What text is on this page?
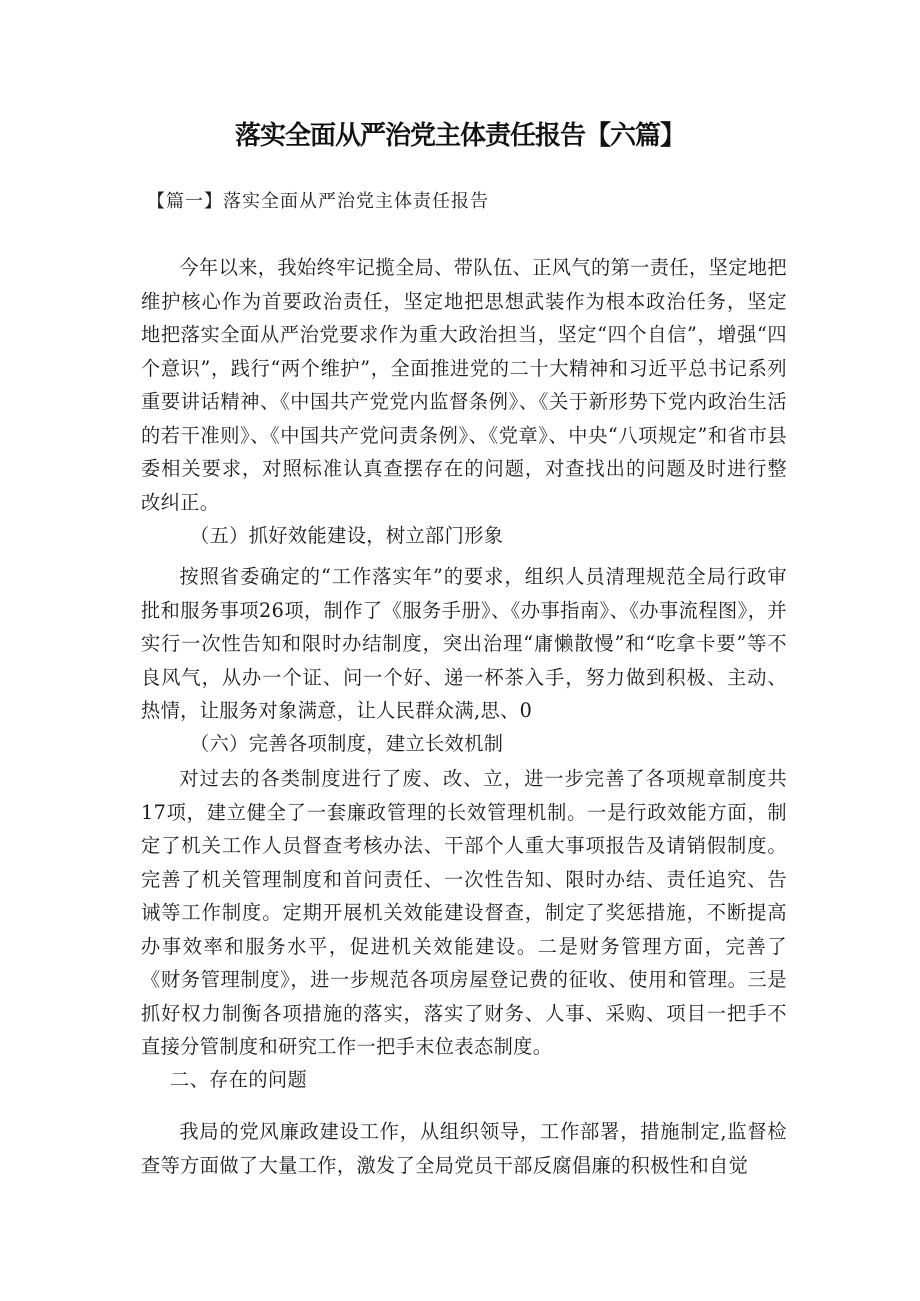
落实全面从严治党主体责任报告【六篇】
【篇一】落实全面从严治党主体责任报告
今年以来，我始终牢记揽全局、带队伍、正风气的第一责任，坚定地把维护核心作为首要政治责任，坚定地把思想武装作为根本政治任务，坚定地把落实全面从严治党要求作为重大政治担当，坚定“四个自信”，增强“四个意识”，践行“两个维护”，全面推进党的二十大精神和习近平总书记系列重要讲话精神、《中国共产党党内监督条例》、《关于新形势下党内政治生活的若干准则》、《中国共产党问责条例》、《党章》、中央“八项规定”和省市县委相关要求，对照标准认真查摆存在的问题，对查找出的问题及时进行整改纠正。
（五）抓好效能建设，树立部门形象
按照省委确定的“工作落实年”的要求，组织人员清理规范全局行政审批和服务事项26项，制作了《服务手册》、《办事指南》、《办事流程图》，并实行一次性告知和限时办结制度，突出治理“庸懒散慢”和“吃拿卡要”等不良风气，从办一个证、问一个好、递一杯茶入手，努力做到积极、主动、热情，让服务对象满意，让人民群众满,思、0
（六）完善各项制度，建立长效机制
对过去的各类制度进行了废、改、立，进一步完善了各项规章制度共17项，建立健全了一套廉政管理的长效管理机制。一是行政效能方面，制定了机关工作人员督查考核办法、干部个人重大事项报告及请销假制度。完善了机关管理制度和首问责任、一次性告知、限时办结、责任追究、告诫等工作制度。定期开展机关效能建设督查，制定了奖惩措施，不断提高办事效率和服务水平，促进机关效能建设。二是财务管理方面，完善了《财务管理制度》，进一步规范各项房屋登记费的征收、使用和管理。三是抓好权力制衡各项措施的落实，落实了财务、人事、采购、项目一把手不直接分管制度和研究工作一把手末位表态制度。
二、存在的问题
我局的党风廉政建设工作，从组织领导，工作部署，措施制定,监督检查等方面做了大量工作，激发了全局党员干部反腐倡廉的积极性和自觉
